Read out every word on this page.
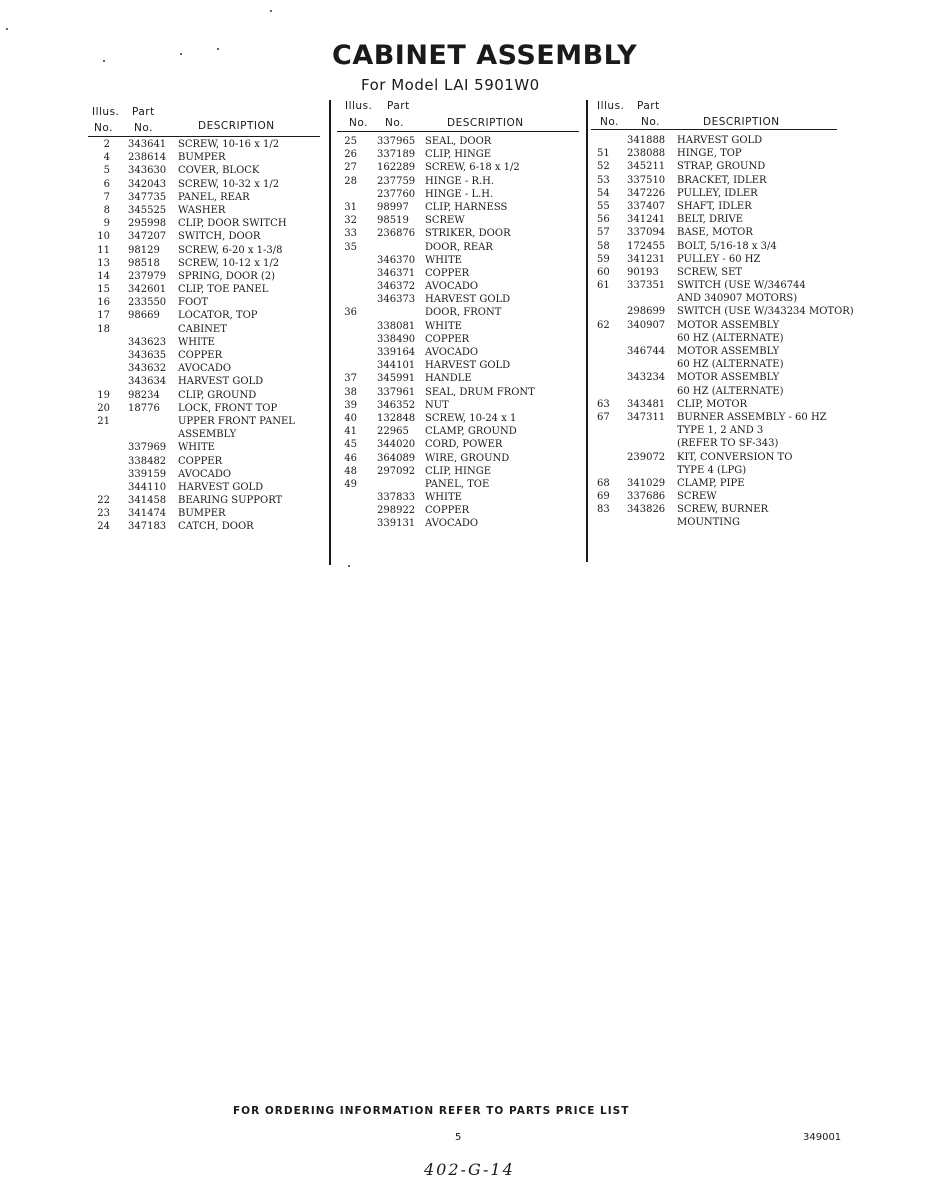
CABINET ASSEMBLY
For Model LAI 5901W0
Illus. Part
No. No.	DESCRIPTION
2 343641 SCREW, 10-16 x 1/2
4 238614 BUMPER
5 343630 COVER, BLOCK
6 342043 SCREW, 10-32 x 1/2
7 347735 PANEL, REAR
8 345525 WASHER
9 295998 CLIP, DOOR SWITCH
10 347207 SWITCH, DOOR
11 98129 SCREW, 6-20 x 1-3/8
13 98518 SCREW, 10-12 x 1/2
14 237979 SPRING, DOOR (2)
15 342601 CLIP, TOE PANEL
16 233550 FOOT
17 98669 LOCATOR, TOP
18	CABINET
343623 WHITE
343635 COPPER
343632 AVOCADO
343634 HARVEST GOLD
19 98234 CLIP, GROUND
20 18776 LOCK, FRONT TOP
21	UPPER FRONT PANEL
ASSEMBLY
337969 WHITE
338482 COPPER
339159 AVOCADO
344110 HARVEST GOLD
22 341458 BEARING SUPPORT
23 341474 BUMPER
24 347183 CATCH, DOOR
Illus. Part
No. No.	DESCRIPTION
25 337965 SEAL, DOOR
26 337189 CLIP, HINGE
27 162289 SCREW, 6-18 x 1/2
28 237759 HINGE - R.H.
237760 HINGE - L.H.
31 98997 CLIP, HARNESS
32 98519 SCREW
33 236876 STRIKER, DOOR
35	DOOR, REAR
346370 WHITE
346371 COPPER
346372 AVOCADO
346373 HARVEST GOLD
36	DOOR, FRONT
338081 WHITE
338490 COPPER
339164 AVOCADO
344101 HARVEST GOLD
37 345991 HANDLE
38 337961 SEAL, DRUM FRONT
39 346352 NUT
40 132848 SCREW, 10-24 x 1
41 22965 CLAMP, GROUND
45 344020 CORD, POWER
46 364089 WIRE, GROUND
48 297092 CLIP, HINGE
49	PANEL, TOE
337833 WHITE
298922 COPPER
339131 AVOCADO
Illus. Part
No. No.	DESCRIPTION
341888 HARVEST GOLD
51 238088 HINGE, TOP
52 345211 STRAP, GROUND
53 337510 BRACKET, IDLER
54 347226 PULLEY, IDLER
55 337407 SHAFT, IDLER
56 341241 BELT, DRIVE
57 337094 BASE, MOTOR
58 172455 BOLT, 5/16-18 x 3/4
59 341231 PULLEY - 60 HZ
60 90193 SCREW, SET
61 337351 SWITCH (USE W/346744
AND 340907 MOTORS)
298699 SWITCH (USE W/343234 MOTOR)
62 340907 MOTOR ASSEMBLY
60 HZ (ALTERNATE)
346744 MOTOR ASSEMBLY
60 HZ (ALTERNATE)
343234 MOTOR ASSEMBLY
60 HZ (ALTERNATE)
63 343481 CLIP, MOTOR
67 347311 BURNER ASSEMBLY - 60 HZ
TYPE 1, 2 AND 3
(REFER TO SF-343)
239072 KIT, CONVERSION TO
TYPE 4 (LPG)
68 341029 CLAMP, PIPE
69 337686 SCREW
83 343826 SCREW, BURNER
MOUNTING
FOR ORDERING INFORMATION REFER TO PARTS PRICE LIST
5	349001
402-G-14
